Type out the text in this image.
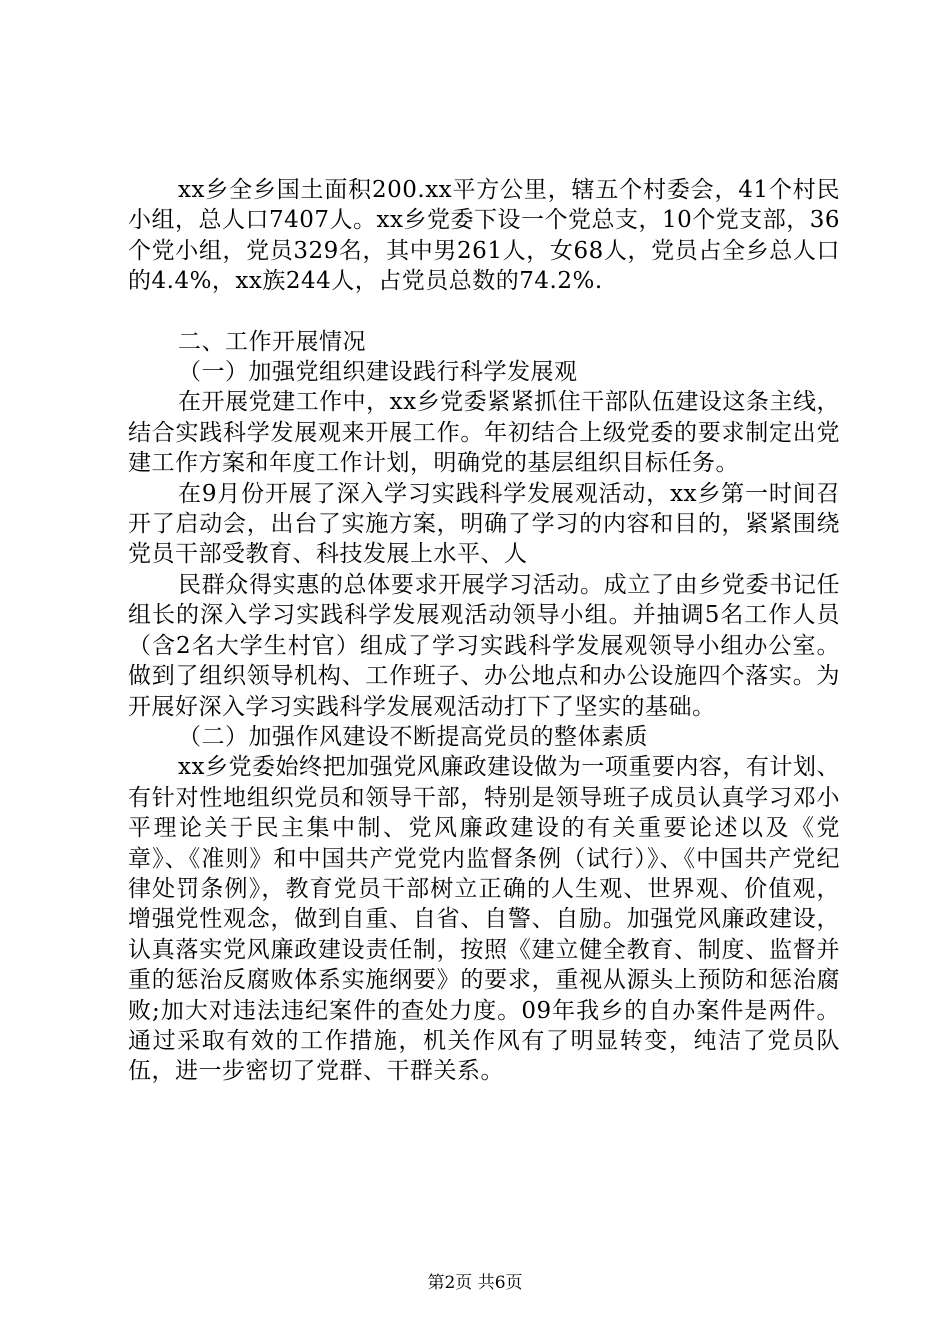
xx乡全乡国土面积200.xx平方公里，辖五个村委会，41个村民小组，总人口7407人。xx乡党委下设一个党总支，10个党支部，36个党小组，党员329名，其中男261人，女68人，党员占全乡总人口的4.4%，xx族244人，占党员总数的74.2%.

二、工作开展情况

（一）加强党组织建设践行科学发展观

在开展党建工作中，xx乡党委紧紧抓住干部队伍建设这条主线，结合实践科学发展观来开展工作。年初结合上级党委的要求制定出党建工作方案和年度工作计划，明确党的基层组织目标任务。

在9月份开展了深入学习实践科学发展观活动，xx乡第一时间召开了启动会，出台了实施方案，明确了学习的内容和目的，紧紧围绕党员干部受教育、科技发展上水平、人

民群众得实惠的总体要求开展学习活动。成立了由乡党委书记任组长的深入学习实践科学发展观活动领导小组。并抽调5名工作人员（含2名大学生村官）组成了学习实践科学发展观领导小组办公室。做到了组织领导机构、工作班子、办公地点和办公设施四个落实。为开展好深入学习实践科学发展观活动打下了坚实的基础。

（二）加强作风建设不断提高党员的整体素质

xx乡党委始终把加强党风廉政建设做为一项重要内容，有计划、有针对性地组织党员和领导干部，特别是领导班子成员认真学习邓小平理论关于民主集中制、党风廉政建设的有关重要论述以及《党章》、《准则》和中国共产党党内监督条例（试行）》、《中国共产党纪律处罚条例》，教育党员干部树立正确的人生观、世界观、价值观，增强党性观念，做到自重、自省、自警、自励。加强党风廉政建设，认真落实党风廉政建设责任制，按照《建立健全教育、制度、监督并重的惩治反腐败体系实施纲要》的要求，重视从源头上预防和惩治腐败;加大对违法违纪案件的查处力度。09年我乡的自办案件是两件。通过采取有效的工作措施，机关作风有了明显转变，纯洁了党员队伍，进一步密切了党群、干群关系。

第2页 共6页
